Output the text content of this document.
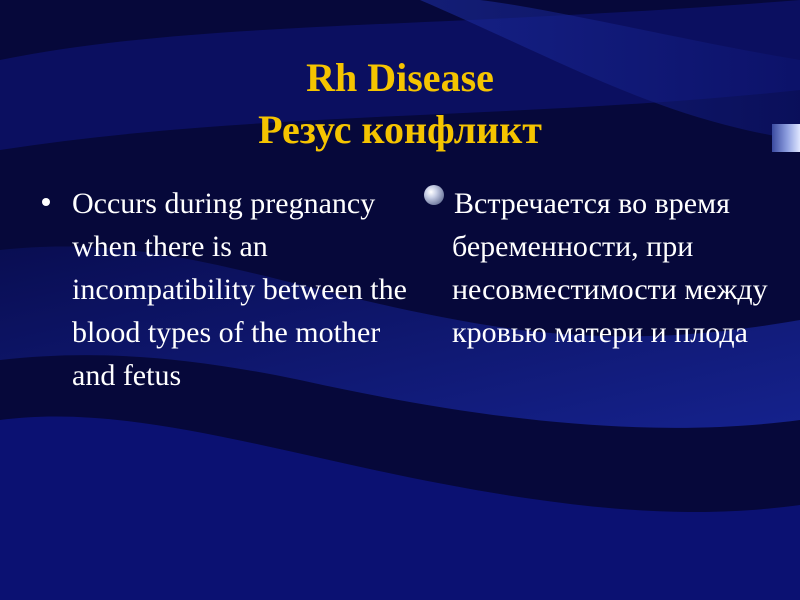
Rh Disease
Резус конфликт
Occurs during pregnancy when there is an incompatibility between the blood types of the mother and fetus
Встречается во время беременности, при несовместимости между кровью матери и плода
